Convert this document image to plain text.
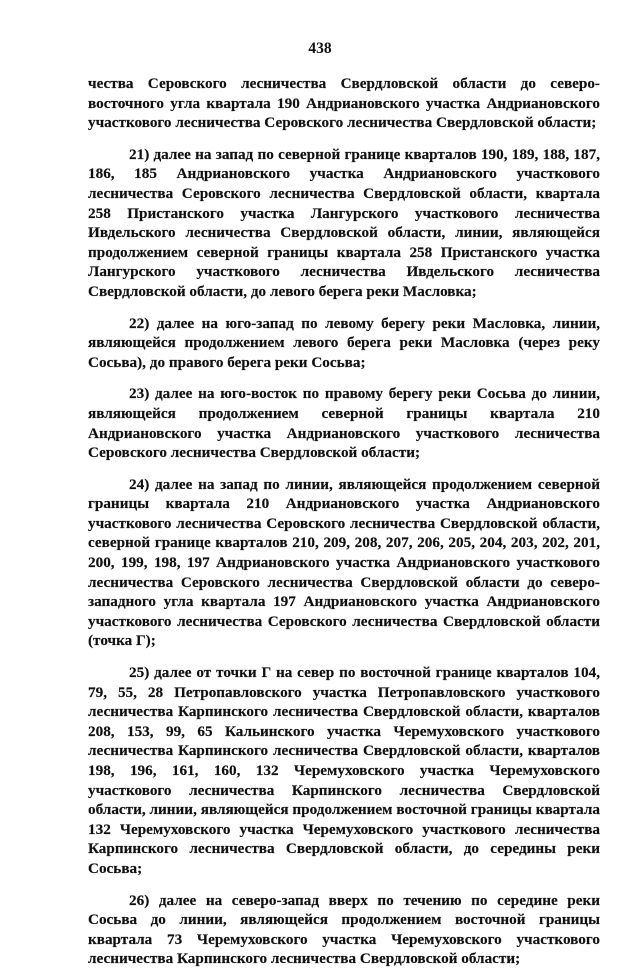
438

чества Серовского лесничества Свердловской области до северо-восточного угла квартала 190 Андриановского участка Андриановского участкового лесничества Серовского лесничества Свердловской области;

21) далее на запад по северной границе кварталов 190, 189, 188, 187, 186, 185 Андриановского участка Андриановского участкового лесничества Серовского лесничества Свердловской области, квартала 258 Пристанского участка Лангурского участкового лесничества Ивдельского лесничества Свердловской области, линии, являющейся продолжением северной границы квартала 258 Пристанского участка Лангурского участкового лесничества Ивдельского лесничества Свердловской области, до левого берега реки Масловка;

22) далее на юго-запад по левому берегу реки Масловка, линии, являющейся продолжением левого берега реки Масловка (через реку Сосьва), до правого берега реки Сосьва;

23) далее на юго-восток по правому берегу реки Сосьва до линии, являющейся продолжением северной границы квартала 210 Андриановского участка Андриановского участкового лесничества Серовского лесничества Свердловской области;

24) далее на запад по линии, являющейся продолжением северной границы квартала 210 Андриановского участка Андриановского участкового лесничества Серовского лесничества Свердловской области, северной границе кварталов 210, 209, 208, 207, 206, 205, 204, 203, 202, 201, 200, 199, 198, 197 Андриановского участка Андриановского участкового лесничества Серовского лесничества Свердловской области до северо-западного угла квартала 197 Андриановского участка Андриановского участкового лесничества Серовского лесничества Свердловской области (точка Г);

25) далее от точки Г на север по восточной границе кварталов 104, 79, 55, 28 Петропавловского участка Петропавловского участкового лесничества Карпинского лесничества Свердловской области, кварталов 208, 153, 99, 65 Кальинского участка Черемуховского участкового лесничества Карпинского лесничества Свердловской области, кварталов 198, 196, 161, 160, 132 Черемуховского участка Черемуховского участкового лесничества Карпинского лесничества Свердловской области, линии, являющейся продолжением восточной границы квартала 132 Черемуховского участка Черемуховского участкового лесничества Карпинского лесничества Свердловской области, до середины реки Сосьва;

26) далее на северо-запад вверх по течению по середине реки Сосьва до линии, являющейся продолжением восточной границы квартала 73 Черемуховского участка Черемуховского участкового лесничества Карпинского лесничества Свердловской области;
